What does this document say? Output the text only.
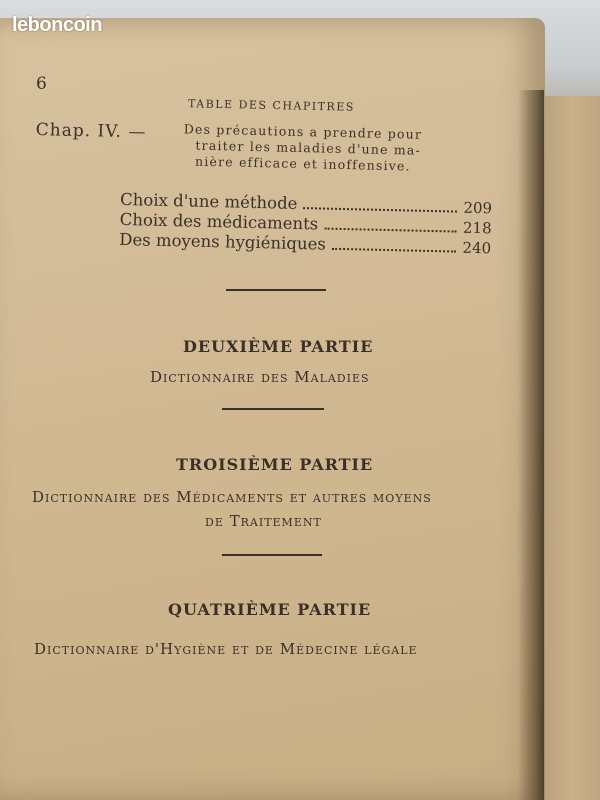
leboncoin
6
TABLE DES CHAPITRES
Chap. IV. —	Des précautions a prendre pour
traiter les maladies d'une ma-
nière efficace et inoffensive.
Choix d'une méthode	209
Choix des médicaments	218
Des moyens hygiéniques	240
DEUXIÈME PARTIE
Dictionnaire des Maladies
TROISIÈME PARTIE
Dictionnaire des Médicaments et autres moyens
de Traitement
QUATRIÈME PARTIE
Dictionnaire d'Hygiène et de Médecine légale
